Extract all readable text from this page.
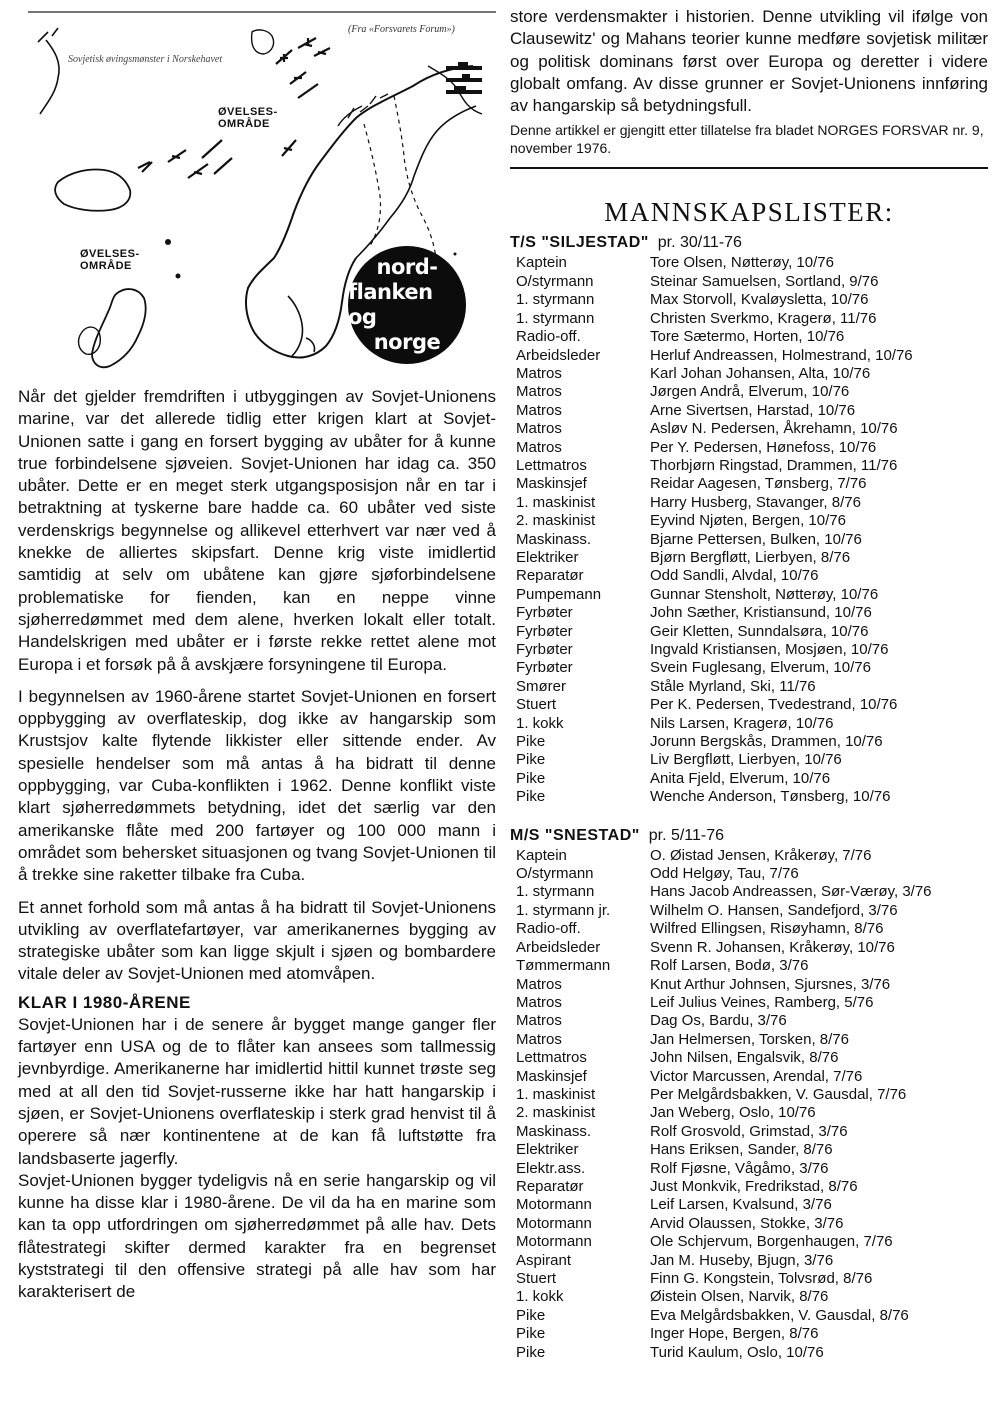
(Fra «Forsvarets Forum»)
Sovjetisk øvingsmønster i Norskehavet
ØVELSES-
OMRÅDE
ØVELSES-
OMRÅDE	nord-
flanken og
norge

Når det gjelder fremdriften i utbyggingen av Sovjet-Unionens marine, var det allerede tidlig etter krigen klart at Sovjet-Unionen satte i gang en forsert bygging av ubåter for å kunne true forbindelsene sjøveien. Sovjet-Unionen har idag ca. 350 ubåter. Dette er en meget sterk utgangsposisjon når en tar i betraktning at tyskerne bare hadde ca. 60 ubåter ved siste verdenskrigs begynnelse og allikevel etterhvert var nær ved å knekke de alliertes skipsfart. Denne krig viste imidlertid samtidig at selv om ubåtene kan gjøre sjøforbindelsene problematiske for fienden, kan en neppe vinne sjøherredømmet med dem alene, hverken lokalt eller totalt. Handelskrigen med ubåter er i første rekke rettet alene mot Europa i et forsøk på å avskjære forsyningene til Europa.

I begynnelsen av 1960-årene startet Sovjet-Unionen en forsert oppbygging av overflateskip, dog ikke av hangarskip som Krustsjov kalte flytende likkister eller sittende ender. Av spesielle hendelser som må antas å ha bidratt til denne oppbygging, var Cuba-konflikten i 1962. Denne konflikt viste klart sjøherredømmets betydning, idet det særlig var den amerikanske flåte med 200 fartøyer og 100 000 mann i området som behersket situasjonen og tvang Sovjet-Unionen til å trekke sine raketter tilbake fra Cuba.

Et annet forhold som må antas å ha bidratt til Sovjet-Unionens utvikling av overflatefartøyer, var amerikanernes bygging av strategiske ubåter som kan ligge skjult i sjøen og bombardere vitale deler av Sovjet-Unionen med atomvåpen.

KLAR I 1980-ÅRENE

Sovjet-Unionen har i de senere år bygget mange ganger fler fartøyer enn USA og de to flåter kan ansees som tallmessig jevnbyrdige. Amerikanerne har imidlertid hittil kunnet trøste seg med at all den tid Sovjet-russerne ikke har hatt hangarskip i sjøen, er Sovjet-Unionens overflateskip i sterk grad henvist til å operere så nær kontinentene at de kan få luftstøtte fra landsbaserte jagerfly.

Sovjet-Unionen bygger tydeligvis nå en serie hangarskip og vil kunne ha disse klar i 1980-årene. De vil da ha en marine som kan ta opp utfordringen om sjøherredømmet på alle hav. Dets flåtestrategi skifter dermed karakter fra en begrenset kyststrategi til den offensive strategi på alle hav som har karakterisert de

store verdensmakter i historien. Denne utvikling vil ifølge von Clausewitz' og Mahans teorier kunne medføre sovjetisk militær og politisk dominans først over Europa og deretter i videre globalt omfang. Av disse grunner er Sovjet-Unionens innføring av hangarskip så betydningsfull.

Denne artikkel er gjengitt etter tillatelse fra bladet NORGES FORSVAR nr. 9, november 1976.

MANNSKAPSLISTER:
T/S "SILJESTAD" pr. 30/11-76
Kaptein	Tore Olsen, Nøtterøy, 10/76
O/styrmann	Steinar Samuelsen, Sortland, 9/76
1. styrmann	Max Storvoll, Kvaløysletta, 10/76
1. styrmann	Christen Sverkmo, Kragerø, 11/76
Radio-off.	Tore Sætermo, Horten, 10/76
Arbeidsleder	Herluf Andreassen, Holmestrand, 10/76
Matros	Karl Johan Johansen, Alta, 10/76
Matros	Jørgen Andrå, Elverum, 10/76
Matros	Arne Sivertsen, Harstad, 10/76
Matros	Asløv N. Pedersen, Åkrehamn, 10/76
Matros	Per Y. Pedersen, Hønefoss, 10/76
Lettmatros	Thorbjørn Ringstad, Drammen, 11/76
Maskinsjef	Reidar Aagesen, Tønsberg, 7/76
1. maskinist	Harry Husberg, Stavanger, 8/76
2. maskinist	Eyvind Njøten, Bergen, 10/76
Maskinass.	Bjarne Pettersen, Bulken, 10/76
Elektriker	Bjørn Bergfløtt, Lierbyen, 8/76
Reparatør	Odd Sandli, Alvdal, 10/76
Pumpemann	Gunnar Stensholt, Nøtterøy, 10/76
Fyrbøter	John Sæther, Kristiansund, 10/76
Fyrbøter	Geir Kletten, Sunndalsøra, 10/76
Fyrbøter	Ingvald Kristiansen, Mosjøen, 10/76
Fyrbøter	Svein Fuglesang, Elverum, 10/76
Smører	Ståle Myrland, Ski, 11/76
Stuert	Per K. Pedersen, Tvedestrand, 10/76
1. kokk	Nils Larsen, Kragerø, 10/76
Pike	Jorunn Bergskås, Drammen, 10/76
Pike	Liv Bergfløtt, Lierbyen, 10/76
Pike	Anita Fjeld, Elverum, 10/76
Pike	Wenche Anderson, Tønsberg, 10/76
M/S "SNESTAD" pr. 5/11-76
Kaptein	O. Øistad Jensen, Kråkerøy, 7/76
O/styrmann	Odd Helgøy, Tau, 7/76
1. styrmann	Hans Jacob Andreassen, Sør-Værøy, 3/76
1. styrmann jr.	Wilhelm O. Hansen, Sandefjord, 3/76
Radio-off.	Wilfred Ellingsen, Risøyhamn, 8/76
Arbeidsleder	Svenn R. Johansen, Kråkerøy, 10/76
Tømmermann	Rolf Larsen, Bodø, 3/76
Matros	Knut Arthur Johnsen, Sjursnes, 3/76
Matros	Leif Julius Veines, Ramberg, 5/76
Matros	Dag Os, Bardu, 3/76
Matros	Jan Helmersen, Torsken, 8/76
Lettmatros	John Nilsen, Engalsvik, 8/76
Maskinsjef	Victor Marcussen, Arendal, 7/76
1. maskinist	Per Melgårdsbakken, V. Gausdal, 7/76
2. maskinist	Jan Weberg, Oslo, 10/76
Maskinass.	Rolf Grosvold, Grimstad, 3/76
Elektriker	Hans Eriksen, Sander, 8/76
Elektr.ass.	Rolf Fjøsne, Vågåmo, 3/76
Reparatør	Just Monkvik, Fredrikstad, 8/76
Motormann	Leif Larsen, Kvalsund, 3/76
Motormann	Arvid Olaussen, Stokke, 3/76
Motormann	Ole Schjervum, Borgenhaugen, 7/76
Aspirant	Jan M. Huseby, Bjugn, 3/76
Stuert	Finn G. Kongstein, Tolvsrød, 8/76
1. kokk	Øistein Olsen, Narvik, 8/76
Pike	Eva Melgårdsbakken, V. Gausdal, 8/76
Pike	Inger Hope, Bergen, 8/76
Pike	Turid Kaulum, Oslo, 10/76
